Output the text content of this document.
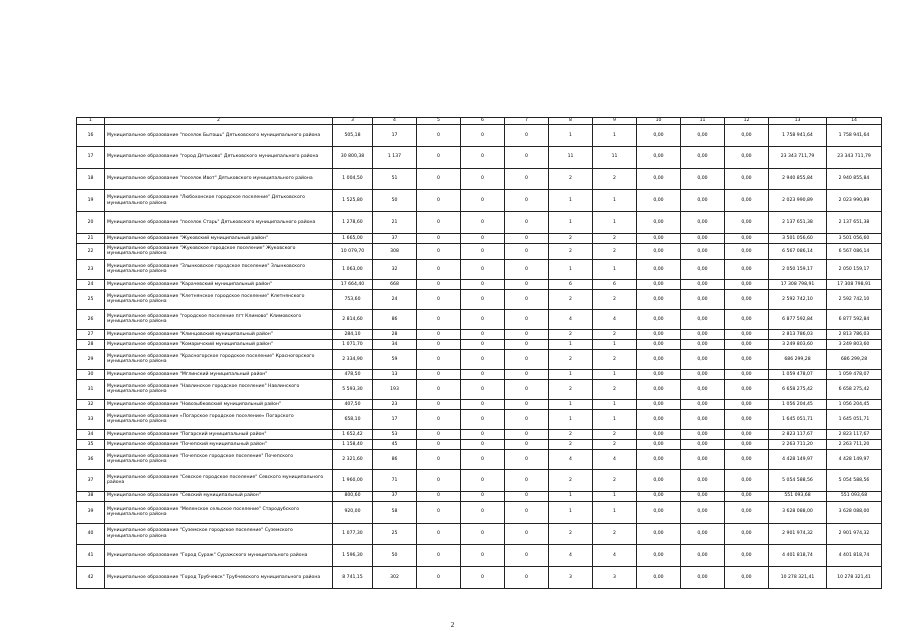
1	2	3	4	5	6	7	8	9	10	11	12	13	14
16	Муниципальное образование "поселок Бытошь" Дятьковского муниципального района	505,18	17	0	0	0	1	1	0,00	0,00	0,00	1 758 941,64	1 758 941,64
17	Муниципальное образование "город Дятьково" Дятьковского муниципального района	30 800,38	1 137	0	0	0	11	11	0,00	0,00	0,00	23 343 711,79	23 343 711,79
18	Муниципальное образование "поселок Ивот" Дятьковского муниципального района	1 004,50	51	0	0	0	2	2	0,00	0,00	0,00	2 940 855,84	2 940 855,84
19	Муниципальное образование "Любохонское городское поселение" Дятьковского муниципального района	1 525,80	50	0	0	0	1	1	0,00	0,00	0,00	2 023 990,89	2 023 990,89
20	Муниципальное образование "поселок Старь" Дятьковского муниципального района	1 278,60	21	0	0	0	1	1	0,00	0,00	0,00	2 137 651,38	2 137 651,38
21	Муниципальное образование "Жуковский муниципальный район"	1 665,00	37	0	0	0	2	2	0,00	0,00	0,00	3 501 056,60	3 501 056,60
22	Муниципальное образование "Жуковское городское поселение" Жуковского муниципального района	10 079,70	308	0	0	0	2	2	0,00	0,00	0,00	6 567 086,14	6 567 086,14
23	Муниципальное образование "Злынковское городское поселение" Злынковского муниципального района	1 063,00	32	0	0	0	1	1	0,00	0,00	0,00	2 050 159,17	2 050 159,17
24	Муниципальное образование "Карачевский муниципальный район"	17 664,40	668	0	0	0	6	6	0,00	0,00	0,00	17 308 798,91	17 308 798,91
25	Муниципальное образование "Клетнянское городское поселение" Клетнянского муниципального района	753,60	24	0	0	0	2	2	0,00	0,00	0,00	2 592 742,10	2 592 742,10
26	Муниципальное образование "городское поселение пгт Климово" Климовского муниципального района	2 814,60	86	0	0	0	4	4	0,00	0,00	0,00	6 877 592,84	6 877 592,84
27	Муниципальное образование "Клинцовский муниципальный район"	284,10	28	0	0	0	2	2	0,00	0,00	0,00	2 813 786,03	2 813 786,03
28	Муниципальное образование "Комаричский муниципальный район"	1 071,70	34	0	0	0	1	1	0,00	0,00	0,00	3 249 803,60	3 249 803,60
29	Муниципальное образование "Красногорское городское поселение" Красногорского муниципального района	2 334,90	59	0	0	0	2	2	0,00	0,00	0,00	686 299,28	686 299,28
30	Муниципальное образование "Мглинский муниципальный район"	478,50	13	0	0	0	1	1	0,00	0,00	0,00	1 059 478,07	1 059 478,07
31	Муниципальное образование "Навлинское городское поселение" Навлинского муниципального района	5 593,30	193	0	0	0	2	2	0,00	0,00	0,00	6 658 275,42	6 658 275,42
32	Муниципальное образование "Новозыбковский муниципальный район"	407,50	23	0	0	0	1	1	0,00	0,00	0,00	1 056 204,45	1 056 204,45
33	Муниципальное образование «Погарское городское поселение» Погарского муниципального района	658,10	17	0	0	0	1	1	0,00	0,00	0,00	1 645 051,71	1 645 051,71
34	Муниципальное образование "Погарский муниципальный район"	1 652,42	53	0	0	0	2	2	0,00	0,00	0,00	2 823 117,67	2 823 117,67
35	Муниципальное образование "Почепский муниципальный район"	1 158,40	45	0	0	0	2	2	0,00	0,00	0,00	2 263 711,20	2 263 711,20
36	Муниципальное образование "Почепское городское поселение" Почепского муниципального района	2 321,60	86	0	0	0	4	4	0,00	0,00	0,00	4 428 149,97	4 428 149,97
37	Муниципальное образование "Севское городское поселение" Севского муниципального района	1 960,00	71	0	0	0	2	2	0,00	0,00	0,00	5 054 588,56	5 054 588,56
38	Муниципальное образование "Севский муниципальный район"	800,60	37	0	0	0	1	1	0,00	0,00	0,00	551 093,68	551 093,68
39	Муниципальное образование "Меленское сельское поселение" Стародубского муниципального района	920,00	58	0	0	0	1	1	0,00	0,00	0,00	3 628 088,00	3 628 088,00
40	Муниципальное образование "Суземское городское поселение" Суземского муниципального района	1 077,30	25	0	0	0	2	2	0,00	0,00	0,00	2 901 974,32	2 901 974,32
41	Муниципальное образование "Город Сураж" Суражского муниципального района	1 596,30	50	0	0	0	4	4	0,00	0,00	0,00	4 401 818,74	4 401 818,74
42	Муниципальное образование "Город Трубчевск" Трубчевского муниципального района	8 741,15	302	0	0	0	3	3	0,00	0,00	0,00	10 278 321,41	10 278 321,41
2
